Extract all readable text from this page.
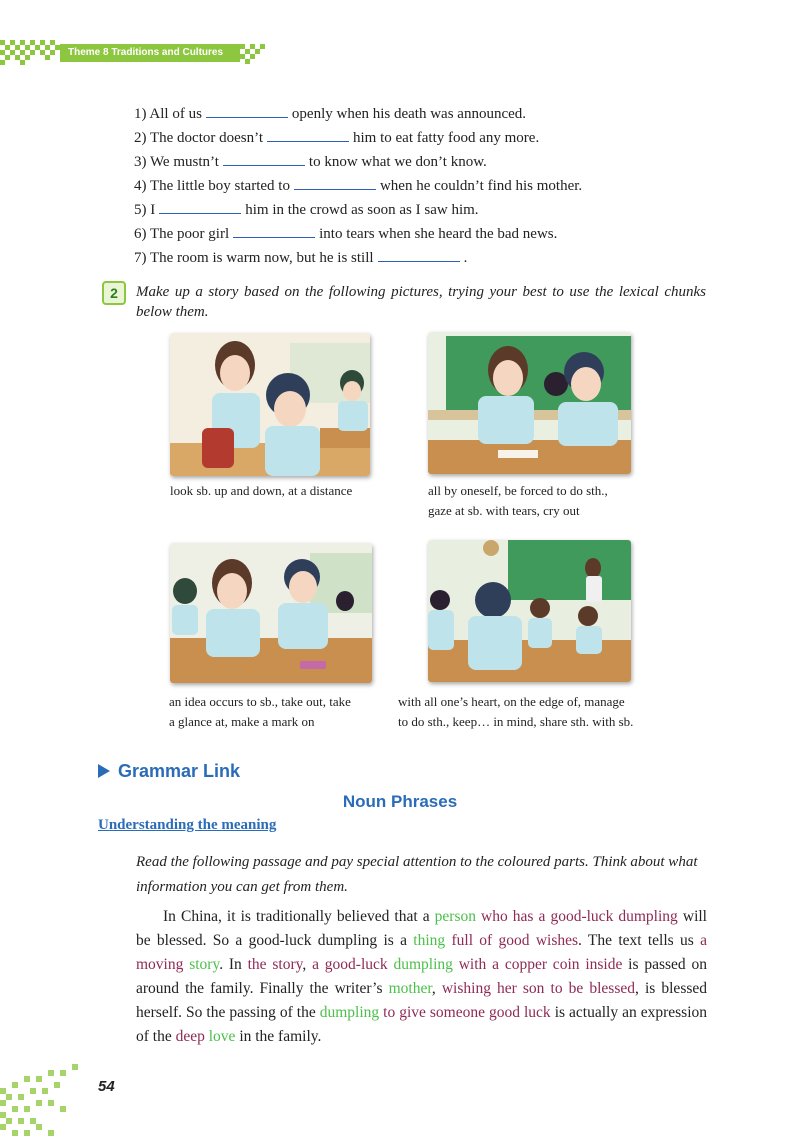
Theme 8 Traditions and Cultures
1) All of us	openly when his death was announced.
2) The doctor doesn’t	him to eat fatty food any more.
3) We mustn’t	to know what we don’t know.
4) The little boy started to	when he couldn’t find his mother.
5) I	him in the crowd as soon as I saw him.
6) The poor girl	into tears when she heard the bad news.
7) The room is warm now, but he is still	.
2	Make up a story based on the following pictures, trying your best to use the lexical chunks below them.
look sb. up and down, at a distance	all by oneself, be forced to do sth.,
gaze at sb. with tears, cry out
an idea occurs to sb., take out, take
a glance at, make a mark on
with all one’s heart, on the edge of, manage
to do sth., keep… in mind, share sth. with sb.
Grammar Link
Noun Phrases
Understanding the meaning
Read the following passage and pay special attention to the coloured parts. Think about what information you can get from them.
In China, it is traditionally believed that a person who has a good-luck dumpling will be blessed. So a good-luck dumpling is a thing full of good wishes. The text tells us a moving story. In the story, a good-luck dumpling with a copper coin inside is passed on around the family. Finally the writer’s mother, wishing her son to be blessed, is blessed herself. So the passing of the dumpling to give someone good luck is actually an expression of the deep love in the family.
54
